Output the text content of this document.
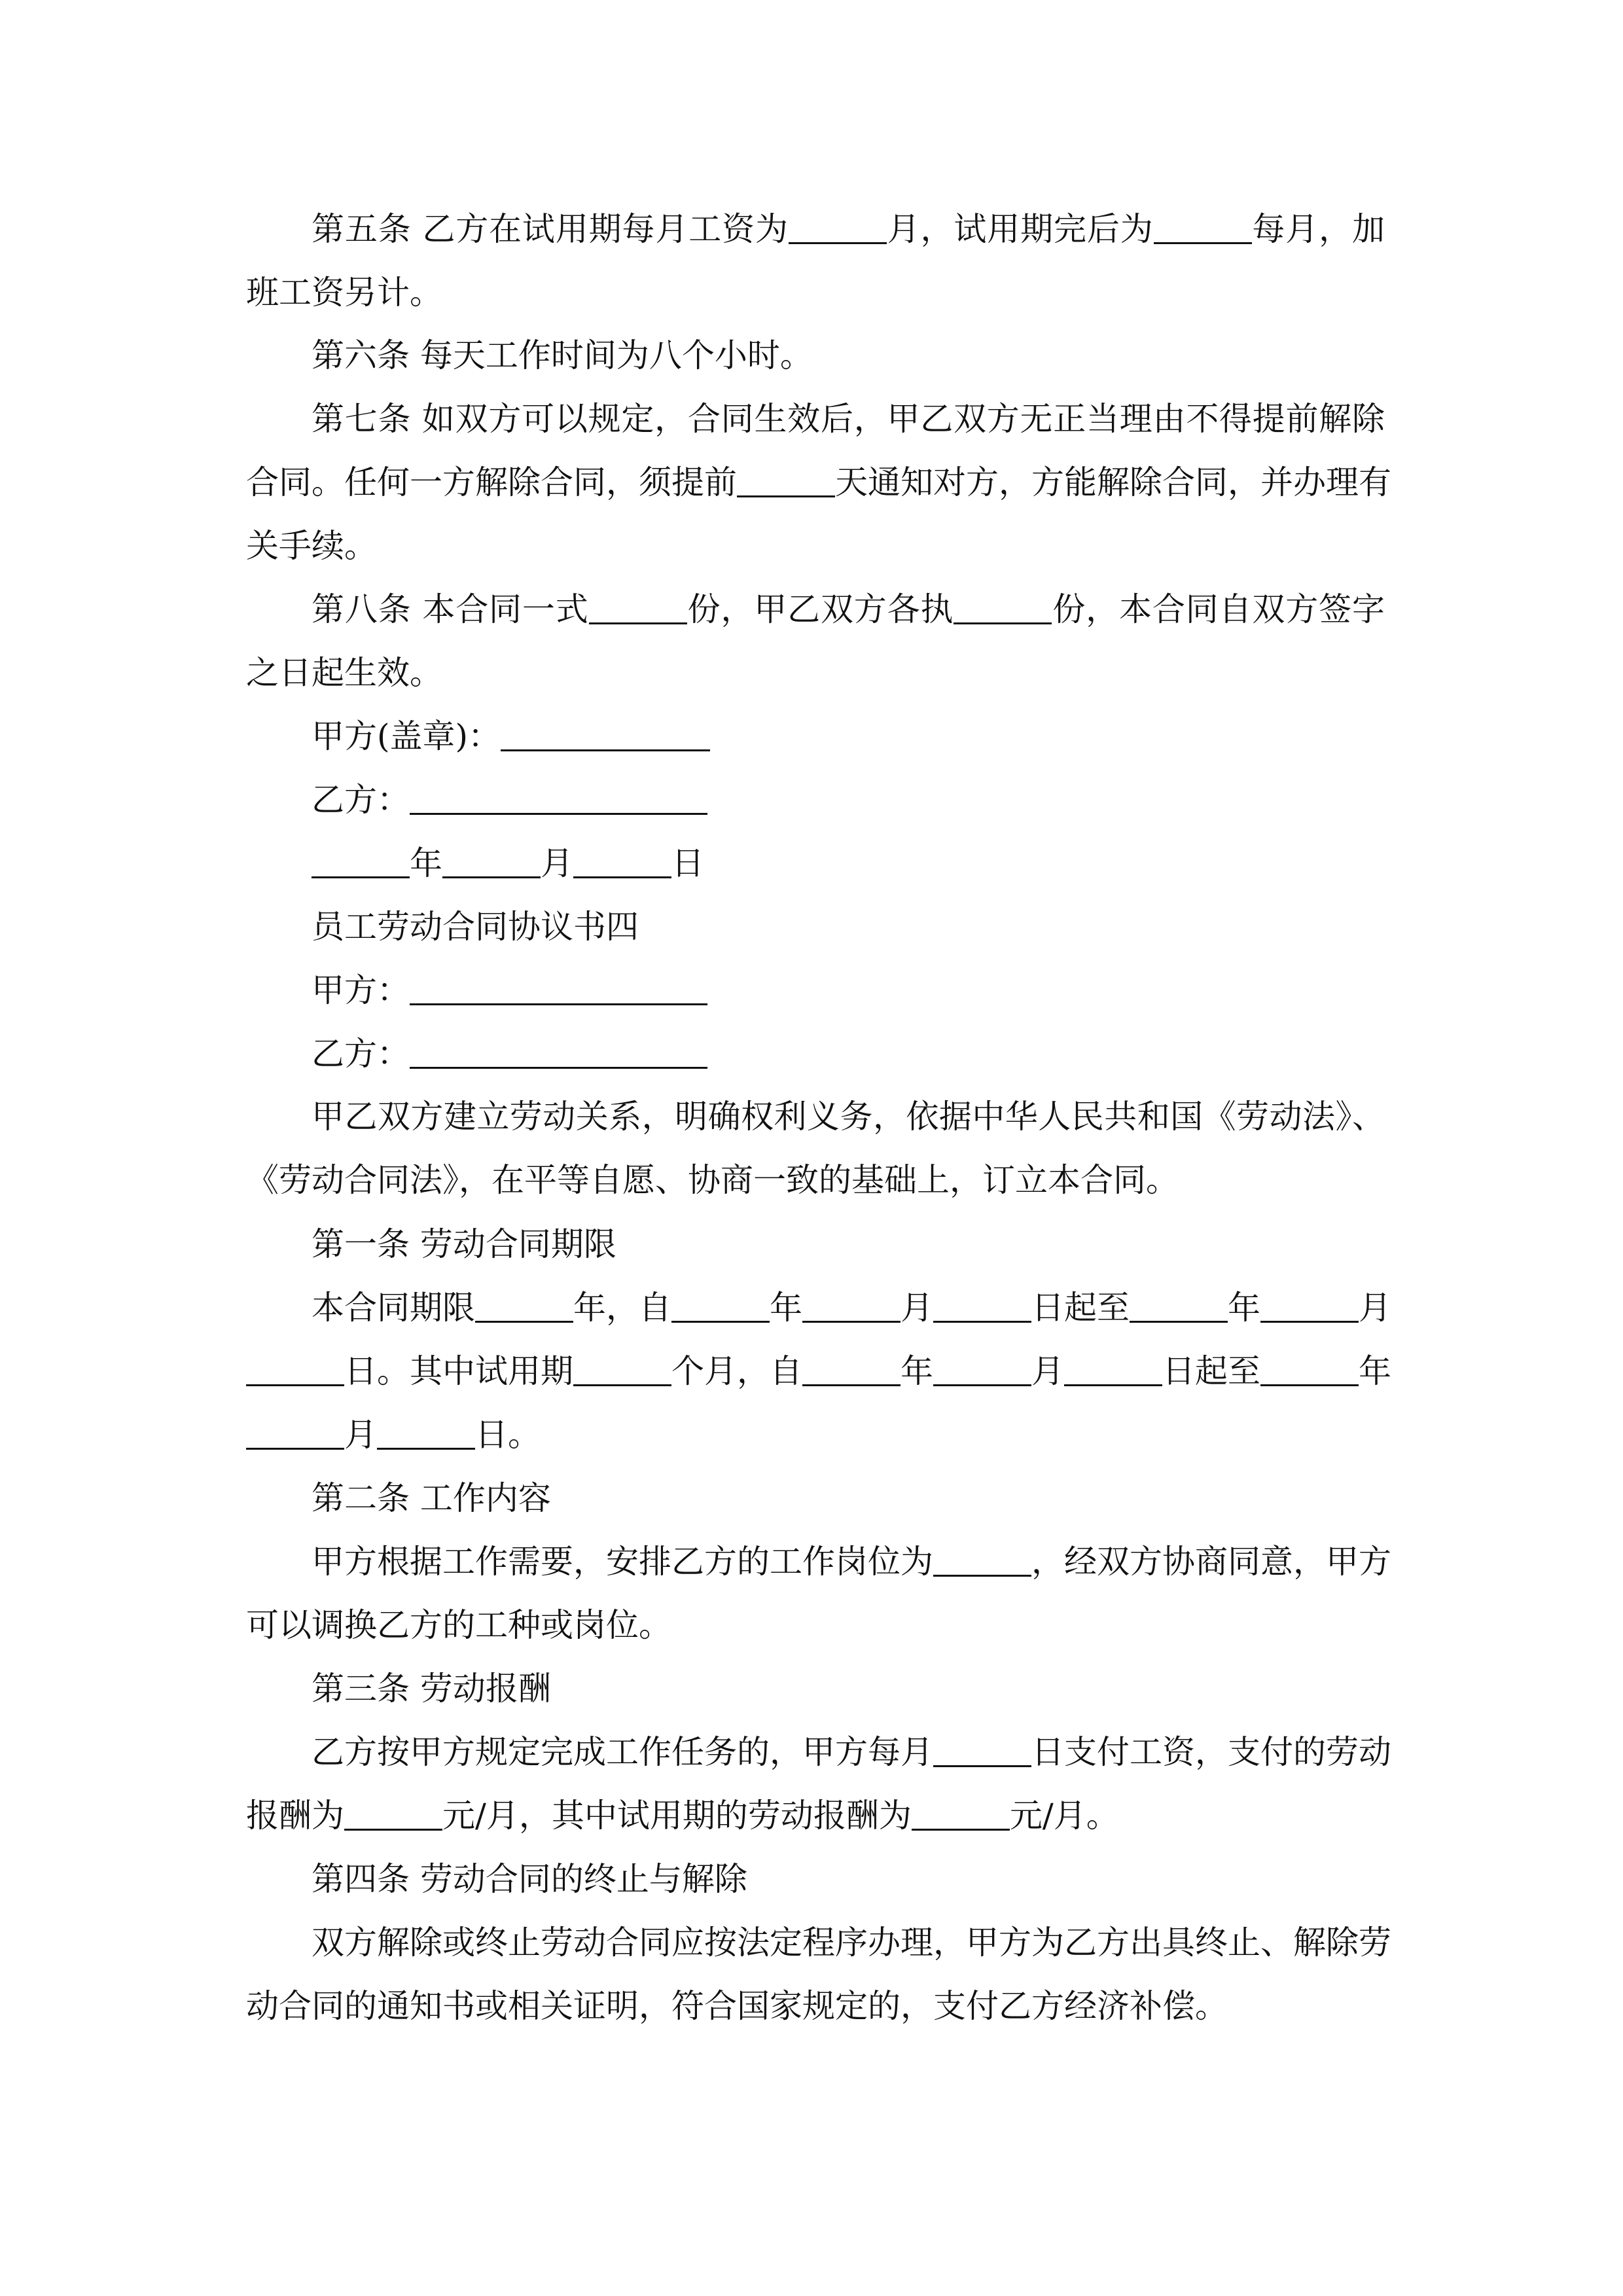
第五条 乙方在试用期每月工资为	月，试用期完后为	每月，加
班工资另计。
第六条 每天工作时间为八个小时。
第七条 如双方可以规定，合同生效后，甲乙双方无正当理由不得提前解除
合同。任何一方解除合同，须提前	天通知对方，方能解除合同，并办理有
关手续。
第八条 本合同一式	份，甲乙双方各执	份，本合同自双方签字
之日起生效。
甲方(盖章)：
乙方：
年	月	日
员工劳动合同协议书四
甲方：
乙方：
甲乙双方建立劳动关系，明确权利义务，依据中华人民共和国《劳动法》、
《劳动合同法》，在平等自愿、协商一致的基础上，订立本合同。
第一条 劳动合同期限
本合同期限	年，自	年	月	日起至	年	月
日。其中试用期	个月，自	年	月	日起至	年
月	日。
第二条 工作内容
甲方根据工作需要，安排乙方的工作岗位为	，经双方协商同意，甲方
可以调换乙方的工种或岗位。
第三条 劳动报酬
乙方按甲方规定完成工作任务的，甲方每月	日支付工资，支付的劳动
报酬为	元/月，其中试用期的劳动报酬为	元/月。
第四条 劳动合同的终止与解除
双方解除或终止劳动合同应按法定程序办理，甲方为乙方出具终止、解除劳
动合同的通知书或相关证明，符合国家规定的，支付乙方经济补偿。
